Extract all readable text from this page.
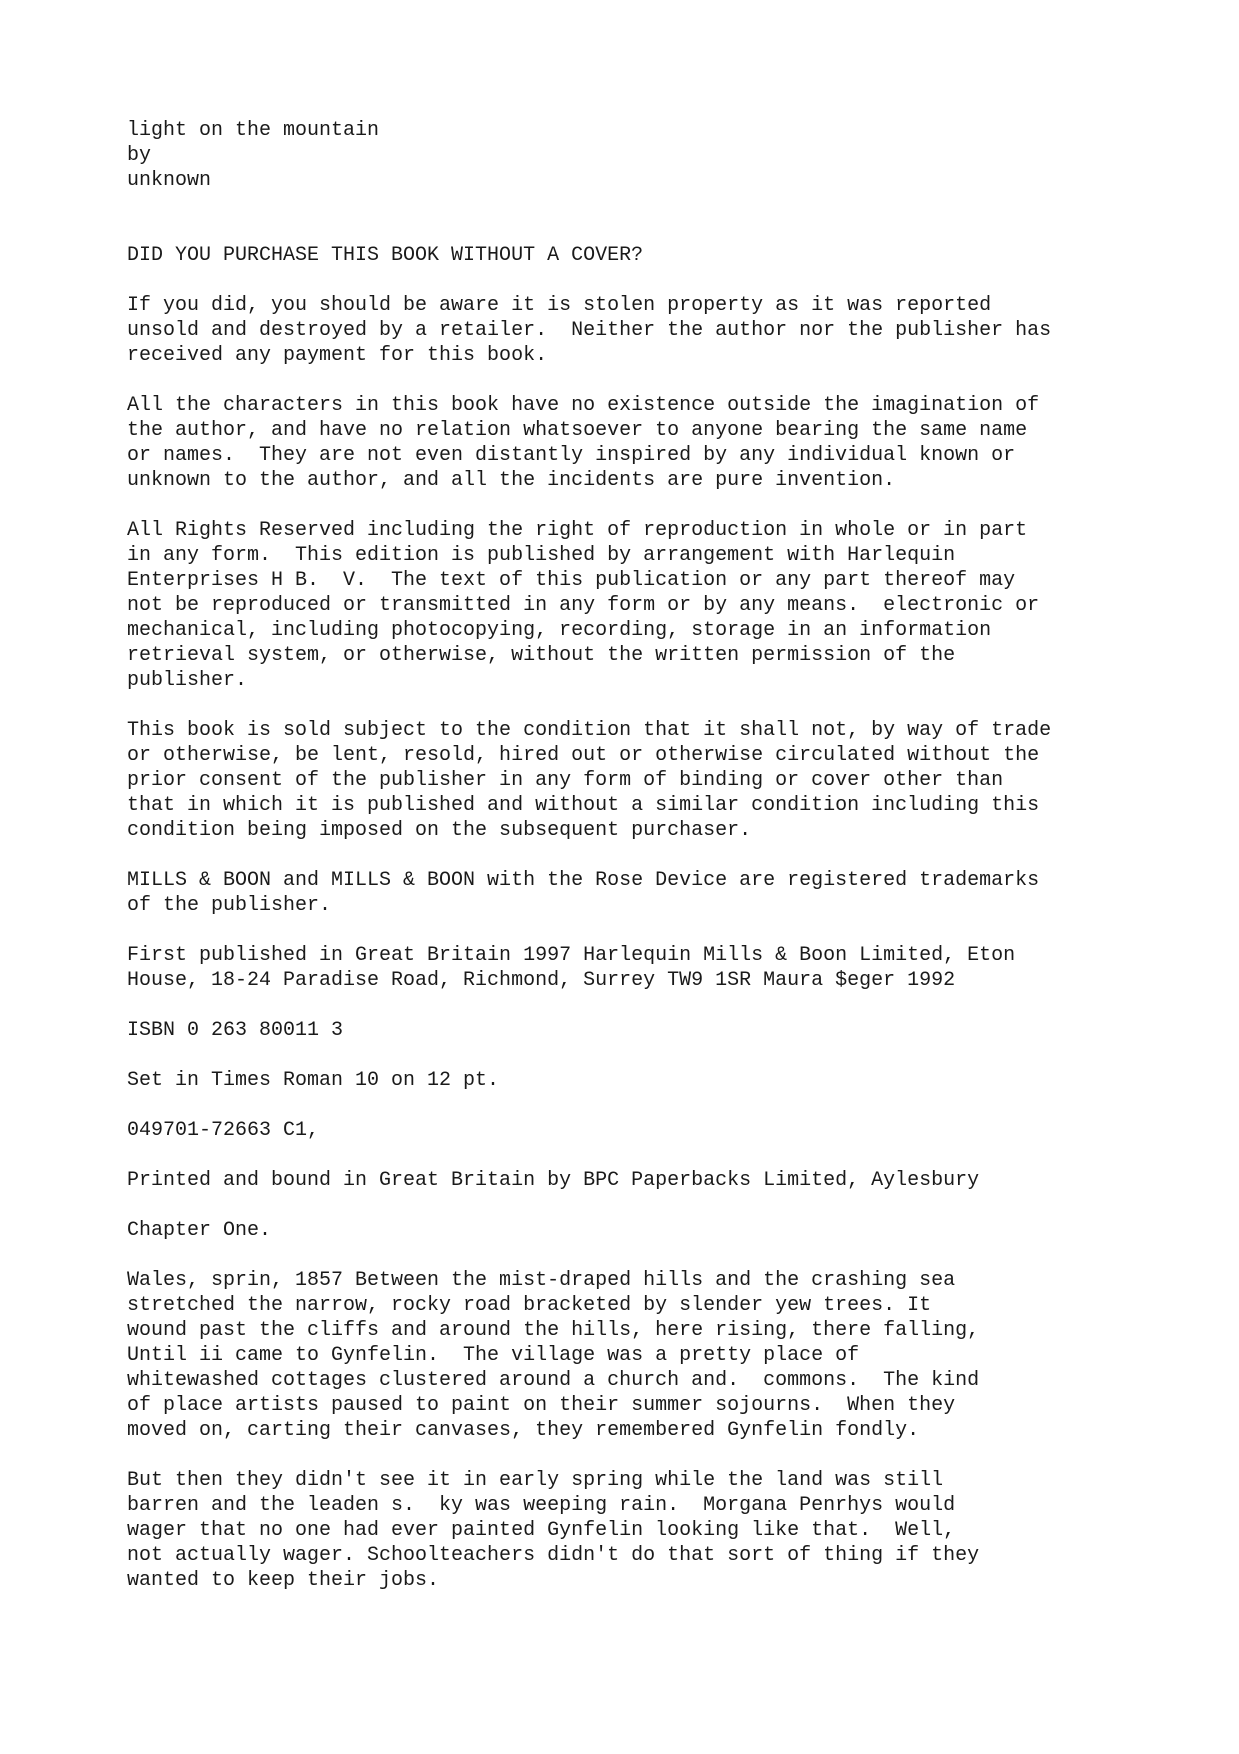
light on the mountain
by
unknown
DID YOU PURCHASE THIS BOOK WITHOUT A COVER?
If you did, you should be aware it is stolen property as it was reported
unsold and destroyed by a retailer.  Neither the author nor the publisher has
received any payment for this book.
All the characters in this book have no existence outside the imagination of
the author, and have no relation whatsoever to anyone bearing the same name
or names.  They are not even distantly inspired by any individual known or
unknown to the author, and all the incidents are pure invention.
All Rights Reserved including the right of reproduction in whole or in part
in any form.  This edition is published by arrangement with Harlequin
Enterprises H B.  V.  The text of this publication or any part thereof may
not be reproduced or transmitted in any form or by any means.  electronic or
mechanical, including photocopying, recording, storage in an information
retrieval system, or otherwise, without the written permission of the
publisher.
This book is sold subject to the condition that it shall not, by way of trade
or otherwise, be lent, resold, hired out or otherwise circulated without the
prior consent of the publisher in any form of binding or cover other than
that in which it is published and without a similar condition including this
condition being imposed on the subsequent purchaser.
MILLS & BOON and MILLS & BOON with the Rose Device are registered trademarks
of the publisher.
First published in Great Britain 1997 Harlequin Mills & Boon Limited, Eton
House, 18-24 Paradise Road, Richmond, Surrey TW9 1SR Maura $eger 1992
ISBN 0 263 80011 3
Set in Times Roman 10 on 12 pt.
049701-72663 C1,
Printed and bound in Great Britain by BPC Paperbacks Limited, Aylesbury
Chapter One.
Wales, sprin, 1857 Between the mist-draped hills and the crashing sea
stretched the narrow, rocky road bracketed by slender yew trees. It
wound past the cliffs and around the hills, here rising, there falling,
Until ii came to Gynfelin.  The village was a pretty place of
whitewashed cottages clustered around a church and.  commons.  The kind
of place artists paused to paint on their summer sojourns.  When they
moved on, carting their canvases, they remembered Gynfelin fondly.
But then they didn't see it in early spring while the land was still
barren and the leaden s.  ky was weeping rain.  Morgana Penrhys would
wager that no one had ever painted Gynfelin looking like that.  Well,
not actually wager. Schoolteachers didn't do that sort of thing if they
wanted to keep their jobs.
